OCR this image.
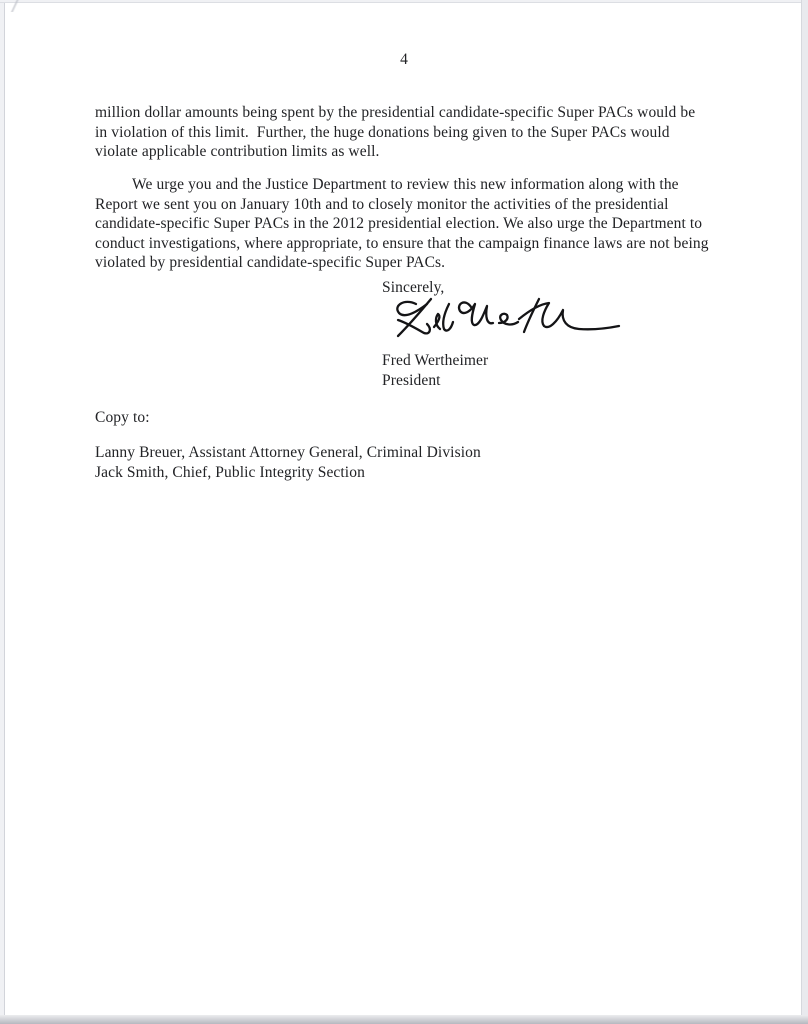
4
million dollar amounts being spent by the presidential candidate-specific Super PACs would be
in violation of this limit.  Further, the huge donations being given to the Super PACs would
violate applicable contribution limits as well.
We urge you and the Justice Department to review this new information along with the
Report we sent you on January 10th and to closely monitor the activities of the presidential
candidate-specific Super PACs in the 2012 presidential election. We also urge the Department to
conduct investigations, where appropriate, to ensure that the campaign finance laws are not being
violated by presidential candidate-specific Super PACs.
Sincerely,
Fred Wertheimer
President
Copy to:
Lanny Breuer, Assistant Attorney General, Criminal Division
Jack Smith, Chief, Public Integrity Section
